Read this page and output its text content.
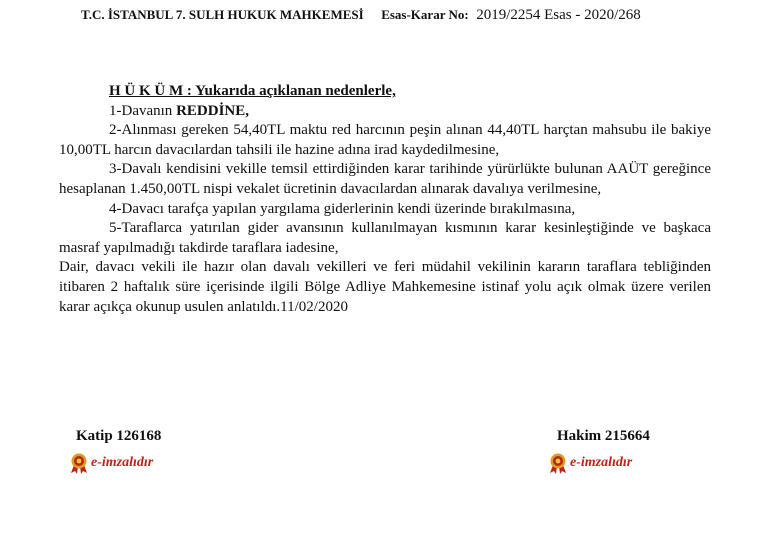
T.C. İSTANBUL 7. SULH HUKUK MAHKEMESİ Esas-Karar No: 2019/2254 Esas - 2020/268
H Ü K Ü M : Yukarıda açıklanan nedenlerle,
1-Davanın REDDİNE,

2-Alınması gereken 54,40TL maktu red harcının peşin alınan 44,40TL harçtan mahsubu ile bakiye 10,00TL harcın davacılardan tahsili ile hazine adına irad kaydedilmesine,

3-Davalı kendisini vekille temsil ettirdiğinden karar tarihinde yürürlükte bulunan AAÜT gereğince hesaplanan 1.450,00TL nispi vekalet ücretinin davacılardan alınarak davalıya verilmesine,

4-Davacı tarafça yapılan yargılama giderlerinin kendi üzerinde bırakılmasına,

5-Taraflarca yatırılan gider avansının kullanılmayan kısmının karar kesinleştiğinde ve başkaca masraf yapılmadığı takdirde taraflara iadesine,

Dair, davacı vekili ile hazır olan davalı vekilleri ve feri müdahil vekilinin kararın taraflara tebliğinden itibaren 2 haftalık süre içerisinde ilgili Bölge Adliye Mahkemesine istinaf yolu açık olmak üzere verilen karar açıkça okunup usulen anlatıldı.11/02/2020

Katip 126168	Hakim 215664
e-imzalıdır	e-imzalıdır
